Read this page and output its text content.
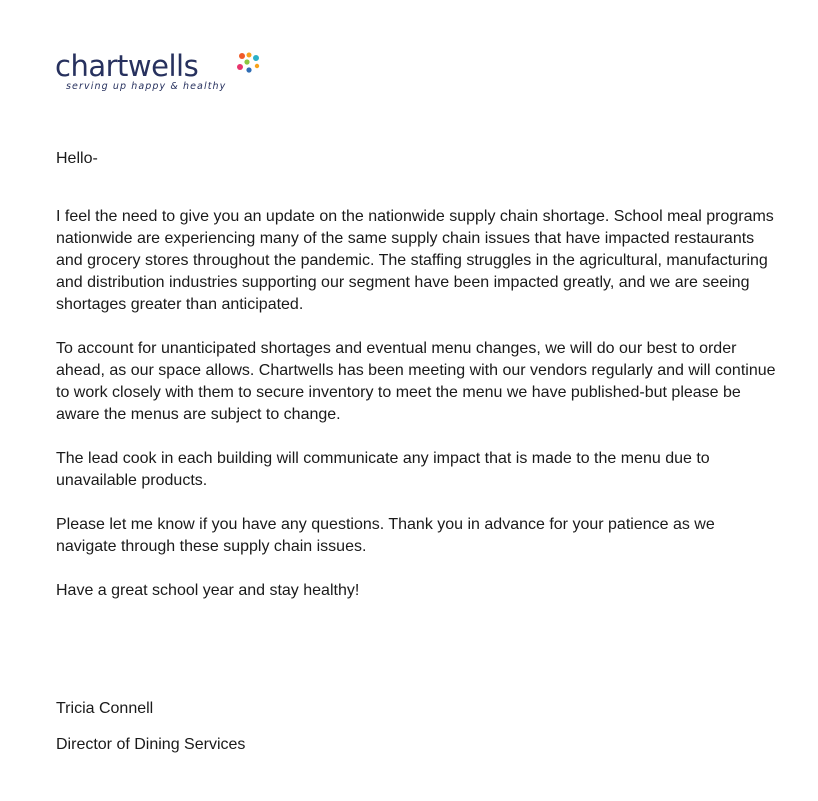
chartwells
serving up happy & healthy

Hello-

I feel the need to give you an update on the nationwide supply chain shortage. School meal programs nationwide are experiencing many of the same supply chain issues that have impacted restaurants and grocery stores throughout the pandemic. The staffing struggles in the agricultural, manufacturing and distribution industries supporting our segment have been impacted greatly, and we are seeing shortages greater than anticipated.

To account for unanticipated shortages and eventual menu changes, we will do our best to order ahead, as our space allows. Chartwells has been meeting with our vendors regularly and will continue to work closely with them to secure inventory to meet the menu we have published-but please be aware the menus are subject to change.

The lead cook in each building will communicate any impact that is made to the menu due to unavailable products.

Please let me know if you have any questions. Thank you in advance for your patience as we navigate through these supply chain issues.

Have a great school year and stay healthy!

Tricia Connell
Director of Dining Services
